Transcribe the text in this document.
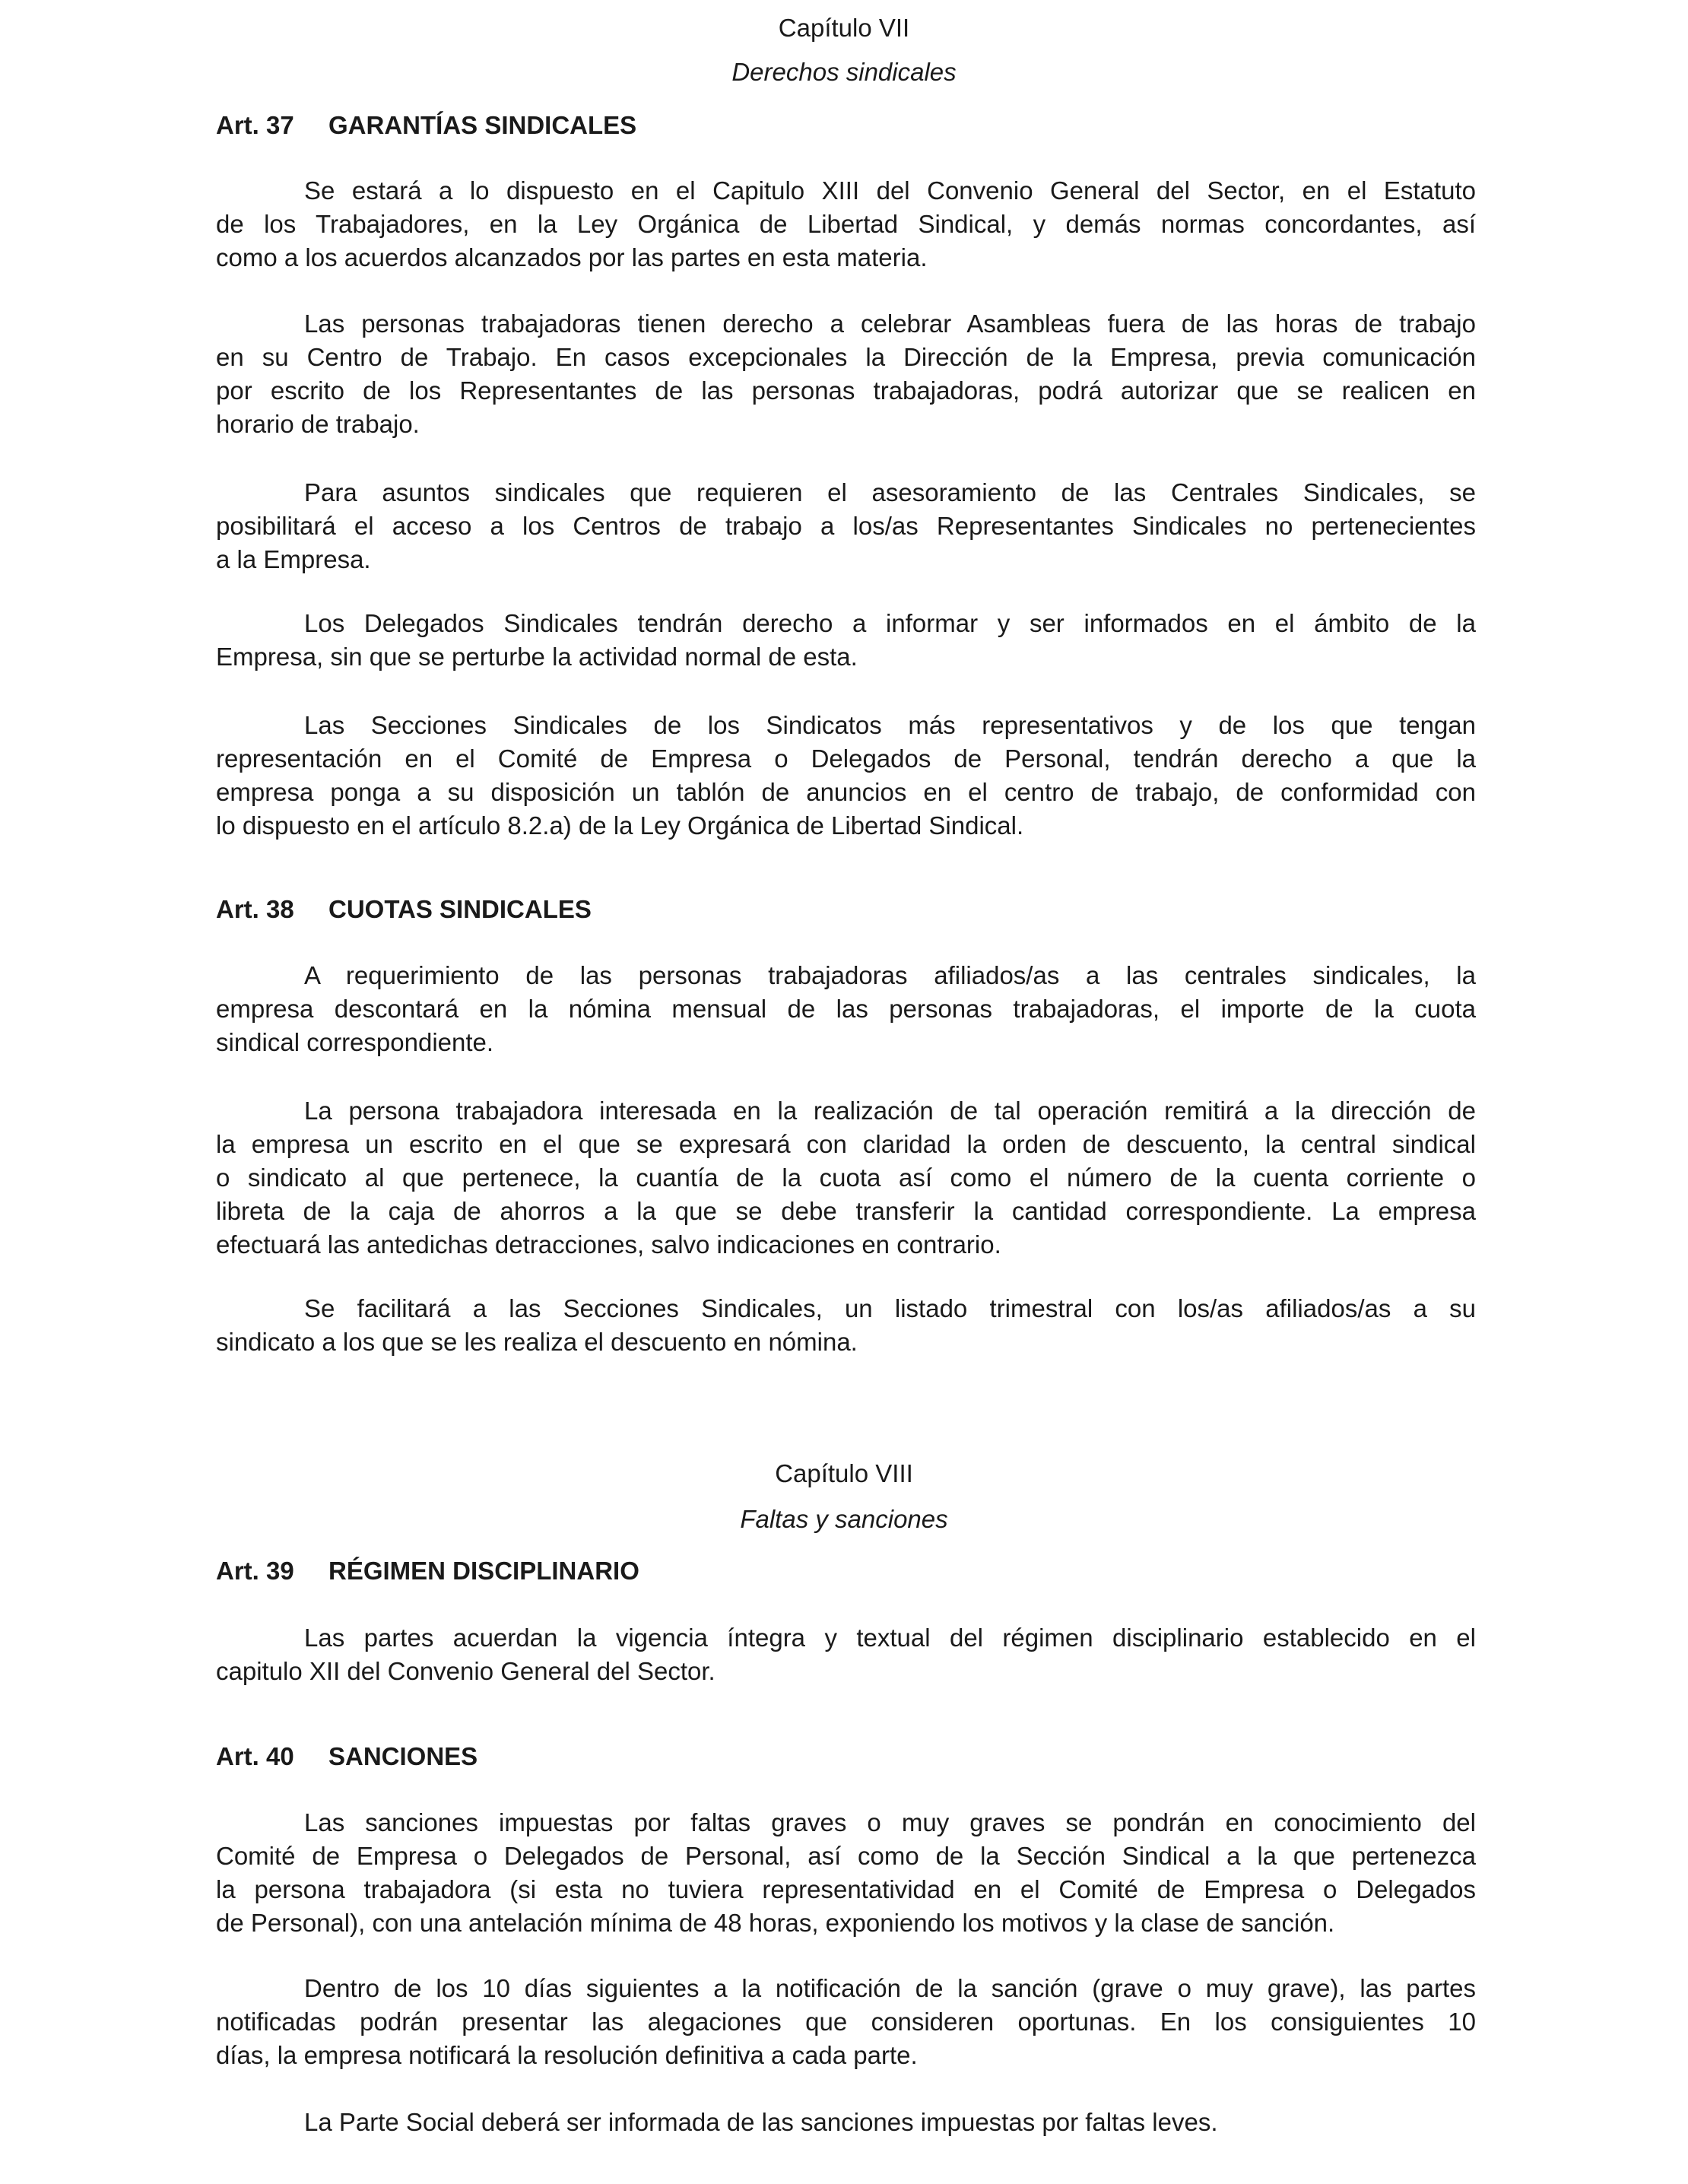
Capítulo VII
Derechos sindicales
Art. 37 GARANTÍAS SINDICALES
Se estará a lo dispuesto en el Capitulo XIII del Convenio General del Sector, en el Estatuto
de los Trabajadores, en la Ley Orgánica de Libertad Sindical, y demás normas concordantes, así
como a los acuerdos alcanzados por las partes en esta materia.
Las personas trabajadoras tienen derecho a celebrar Asambleas fuera de las horas de trabajo
en su Centro de Trabajo. En casos excepcionales la Dirección de la Empresa, previa comunicación
por escrito de los Representantes de las personas trabajadoras, podrá autorizar que se realicen en
horario de trabajo.
Para asuntos sindicales que requieren el asesoramiento de las Centrales Sindicales, se
posibilitará el acceso a los Centros de trabajo a los/as Representantes Sindicales no pertenecientes
a la Empresa.
Los Delegados Sindicales tendrán derecho a informar y ser informados en el ámbito de la
Empresa, sin que se perturbe la actividad normal de esta.
Las Secciones Sindicales de los Sindicatos más representativos y de los que tengan
representación en el Comité de Empresa o Delegados de Personal, tendrán derecho a que la
empresa ponga a su disposición un tablón de anuncios en el centro de trabajo, de conformidad con
lo dispuesto en el artículo 8.2.a) de la Ley Orgánica de Libertad Sindical.
Art. 38 CUOTAS SINDICALES
A requerimiento de las personas trabajadoras afiliados/as a las centrales sindicales, la
empresa descontará en la nómina mensual de las personas trabajadoras, el importe de la cuota
sindical correspondiente.
La persona trabajadora interesada en la realización de tal operación remitirá a la dirección de
la empresa un escrito en el que se expresará con claridad la orden de descuento, la central sindical
o sindicato al que pertenece, la cuantía de la cuota así como el número de la cuenta corriente o
libreta de la caja de ahorros a la que se debe transferir la cantidad correspondiente. La empresa
efectuará las antedichas detracciones, salvo indicaciones en contrario.
Se facilitará a las Secciones Sindicales, un listado trimestral con los/as afiliados/as a su
sindicato a los que se les realiza el descuento en nómina.
Capítulo VIII
Faltas y sanciones
Art. 39 RÉGIMEN DISCIPLINARIO
Las partes acuerdan la vigencia íntegra y textual del régimen disciplinario establecido en el
capitulo XII del Convenio General del Sector.
Art. 40 SANCIONES
Las sanciones impuestas por faltas graves o muy graves se pondrán en conocimiento del
Comité de Empresa o Delegados de Personal, así como de la Sección Sindical a la que pertenezca
la persona trabajadora (si esta no tuviera representatividad en el Comité de Empresa o Delegados
de Personal), con una antelación mínima de 48 horas, exponiendo los motivos y la clase de sanción.
Dentro de los 10 días siguientes a la notificación de la sanción (grave o muy grave), las partes
notificadas podrán presentar las alegaciones que consideren oportunas. En los consiguientes 10
días, la empresa notificará la resolución definitiva a cada parte.
La Parte Social deberá ser informada de las sanciones impuestas por faltas leves.
